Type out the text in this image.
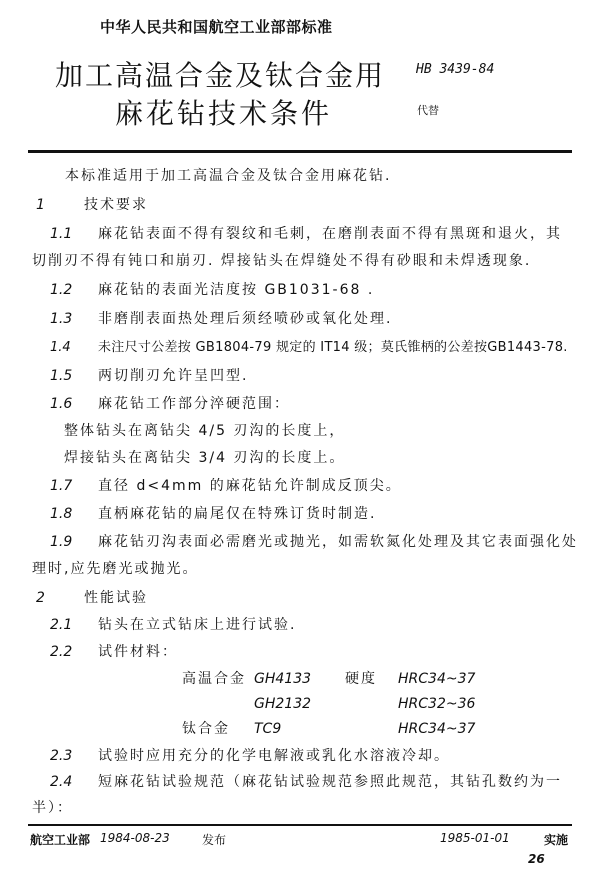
中华人民共和国航空工业部部标准
加工高温合金及钛合金用
麻花钻技术条件
HB 3439-84
代替
本标准适用于加工高温合金及钛合金用麻花钻.
1	技术要求
1.1 麻花钻表面不得有裂纹和毛刺，在磨削表面不得有黑斑和退火，其
切削刃不得有钝口和崩刃. 焊接钻头在焊缝处不得有砂眼和未焊透现象.
1.2 麻花钻的表面光洁度按 GB1031-68 .
1.3 非磨削表面热处理后须经喷砂或氧化处理.
1.4 未注尺寸公差按 GB1804-79 规定的 IT14 级；莫氏锥柄的公差按GB1443-78.
1.5 两切削刃允许呈凹型.
1.6 麻花钻工作部分淬硬范围：
整体钻头在离钻尖 4/5 刃沟的长度上，
焊接钻头在离钻尖 3/4 刃沟的长度上。
1.7 直径 d<4mm 的麻花钻允许制成反顶尖。
1.8 直柄麻花钻的扁尾仅在特殊订货时制造.
1.9 麻花钻刃沟表面必需磨光或抛光，如需软氮化处理及其它表面强化处
理时,应先磨光或抛光。
2	性能试验
2.1 钻头在立式钻床上进行试验.
2.2 试件材料：
高温合金 GH4133 硬度 HRC34~37
GH2132	HRC32~36
钛合金 TC9	HRC34~37
2.3 试验时应用充分的化学电解液或乳化水溶液冷却。
2.4 短麻花钻试验规范（麻花钻试验规范参照此规范，其钻孔数约为一
半）：
航空工业部 1984-08-23	发布	1985-01-01	实施
26
